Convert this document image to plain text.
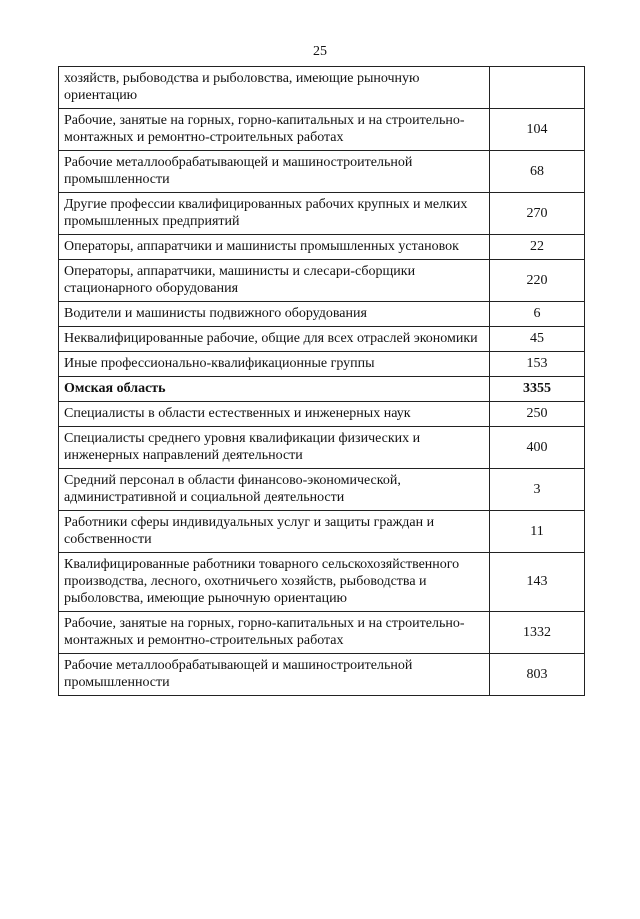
25
хозяйств, рыбоводства и рыболовства, имеющие рыночную ориентацию	

Рабочие, занятые на горных, горно-капитальных и на строительно-монтажных и ремонтно-строительных работах	104

Рабочие металлообрабатывающей и машиностроительной промышленности	68

Другие профессии квалифицированных рабочих крупных и мелких промышленных предприятий	270

Операторы, аппаратчики и машинисты промышленных установок	22

Операторы, аппаратчики, машинисты и слесари-сборщики стационарного оборудования	220

Водители и машинисты подвижного оборудования	6

Неквалифицированные рабочие, общие для всех отраслей экономики	45

Иные профессионально-квалификационные группы	153

Омская область	3355

Специалисты в области естественных и инженерных наук	250

Специалисты среднего уровня квалификации физических и инженерных направлений деятельности	400

Средний персонал в области финансово-экономической, административной и социальной деятельности	3

Работники сферы индивидуальных услуг и защиты граждан и собственности	11

Квалифицированные работники товарного сельскохозяйственного производства, лесного, охотничьего хозяйств, рыбоводства и рыболовства, имеющие рыночную ориентацию	143

Рабочие, занятые на горных, горно-капитальных и на строительно-монтажных и ремонтно-строительных работах	1332

Рабочие металлообрабатывающей и машиностроительной промышленности	803
